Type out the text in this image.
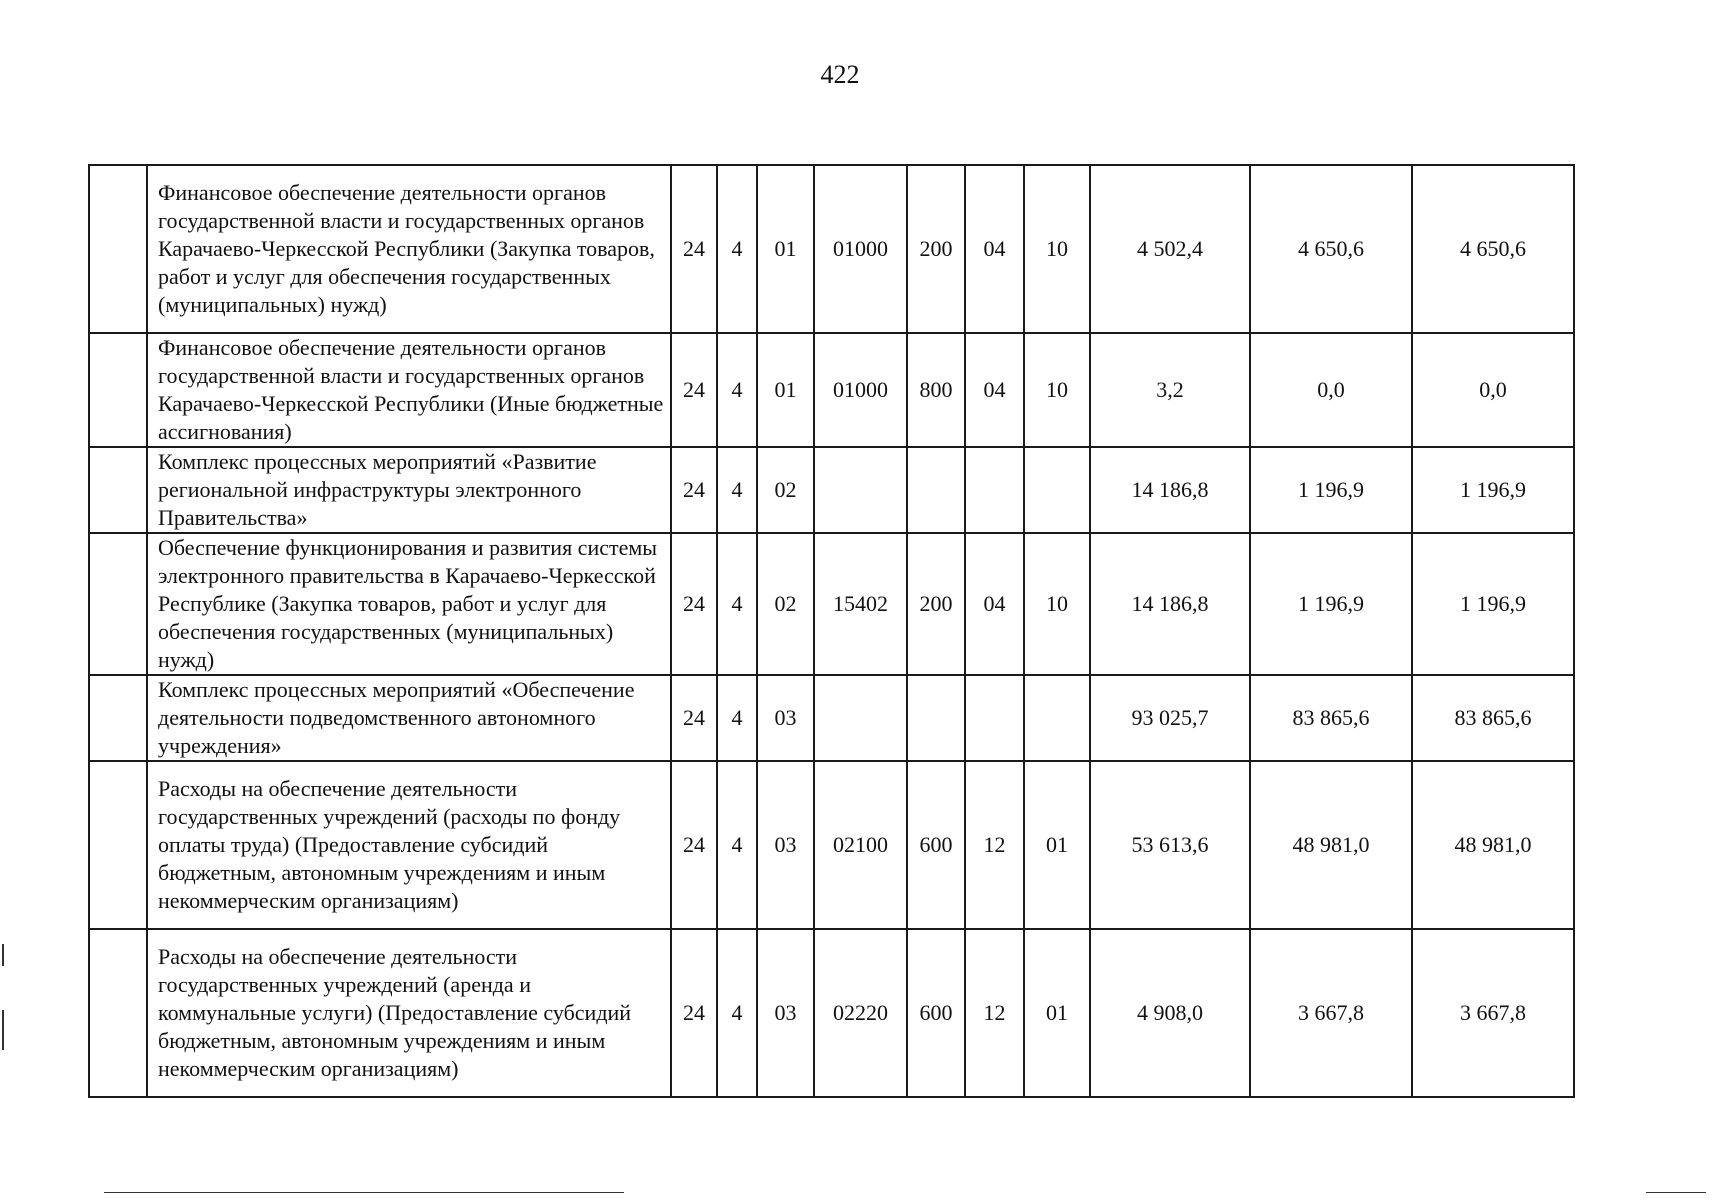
422
	Финансовое обеспечение деятельности органов государственной власти и государственных органов Карачаево-Черкесской Республики (Закупка товаров, работ и услуг для обеспечения государственных (муниципальных) нужд)	24	4	01	01000	200	04	10	4 502,4	4 650,6	4 650,6
	Финансовое обеспечение деятельности органов государственной власти и государственных органов Карачаево-Черкесской Республики (Иные бюджетные ассигнования)	24	4	01	01000	800	04	10	3,2	0,0	0,0
	Комплекс процессных мероприятий «Развитие региональной инфраструктуры электронного Правительства»	24	4	02					14 186,8	1 196,9	1 196,9
	Обеспечение функционирования и развития системы электронного правительства в Карачаево-Черкесской Республике (Закупка товаров, работ и услуг для обеспечения государственных (муниципальных) нужд)	24	4	02	15402	200	04	10	14 186,8	1 196,9	1 196,9
	Комплекс процессных мероприятий «Обеспечение деятельности подведомственного автономного учреждения»	24	4	03					93 025,7	83 865,6	83 865,6
	Расходы на обеспечение деятельности государственных учреждений (расходы по фонду оплаты труда) (Предоставление субсидий бюджетным, автономным учреждениям и иным некоммерческим организациям)	24	4	03	02100	600	12	01	53 613,6	48 981,0	48 981,0
	Расходы на обеспечение деятельности государственных учреждений (аренда и коммунальные услуги) (Предоставление субсидий бюджетным, автономным учреждениям и иным некоммерческим организациям)	24	4	03	02220	600	12	01	4 908,0	3 667,8	3 667,8
